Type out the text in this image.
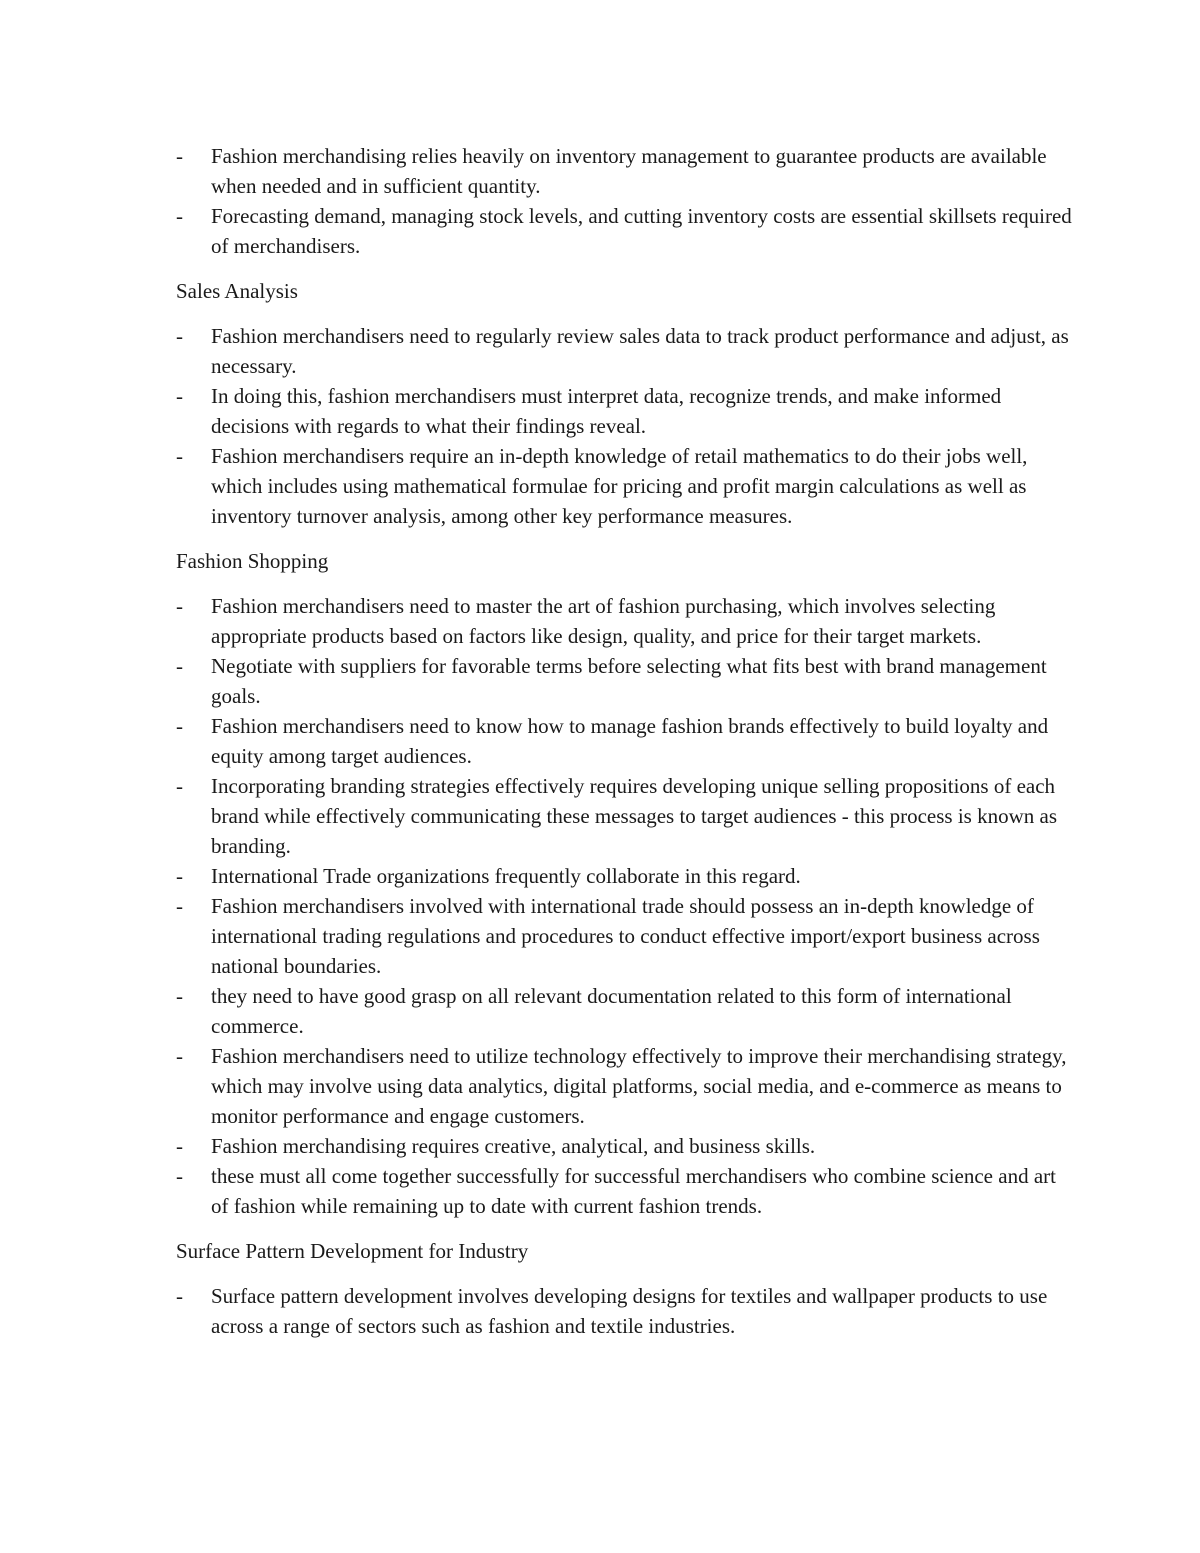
- Fashion merchandising relies heavily on inventory management to guarantee products are available when needed and in sufficient quantity.
- Forecasting demand, managing stock levels, and cutting inventory costs are essential skillsets required of merchandisers.
Sales Analysis
- Fashion merchandisers need to regularly review sales data to track product performance and adjust, as necessary.
- In doing this, fashion merchandisers must interpret data, recognize trends, and make informed decisions with regards to what their findings reveal.
- Fashion merchandisers require an in-depth knowledge of retail mathematics to do their jobs well, which includes using mathematical formulae for pricing and profit margin calculations as well as inventory turnover analysis, among other key performance measures.
Fashion Shopping
- Fashion merchandisers need to master the art of fashion purchasing, which involves selecting appropriate products based on factors like design, quality, and price for their target markets.
- Negotiate with suppliers for favorable terms before selecting what fits best with brand management goals.
- Fashion merchandisers need to know how to manage fashion brands effectively to build loyalty and equity among target audiences.
- Incorporating branding strategies effectively requires developing unique selling propositions of each brand while effectively communicating these messages to target audiences - this process is known as branding.
- International Trade organizations frequently collaborate in this regard.
- Fashion merchandisers involved with international trade should possess an in-depth knowledge of international trading regulations and procedures to conduct effective import/export business across national boundaries.
- they need to have good grasp on all relevant documentation related to this form of international commerce.
- Fashion merchandisers need to utilize technology effectively to improve their merchandising strategy, which may involve using data analytics, digital platforms, social media, and e-commerce as means to monitor performance and engage customers.
- Fashion merchandising requires creative, analytical, and business skills.
- these must all come together successfully for successful merchandisers who combine science and art of fashion while remaining up to date with current fashion trends.
Surface Pattern Development for Industry
- Surface pattern development involves developing designs for textiles and wallpaper products to use across a range of sectors such as fashion and textile industries.
